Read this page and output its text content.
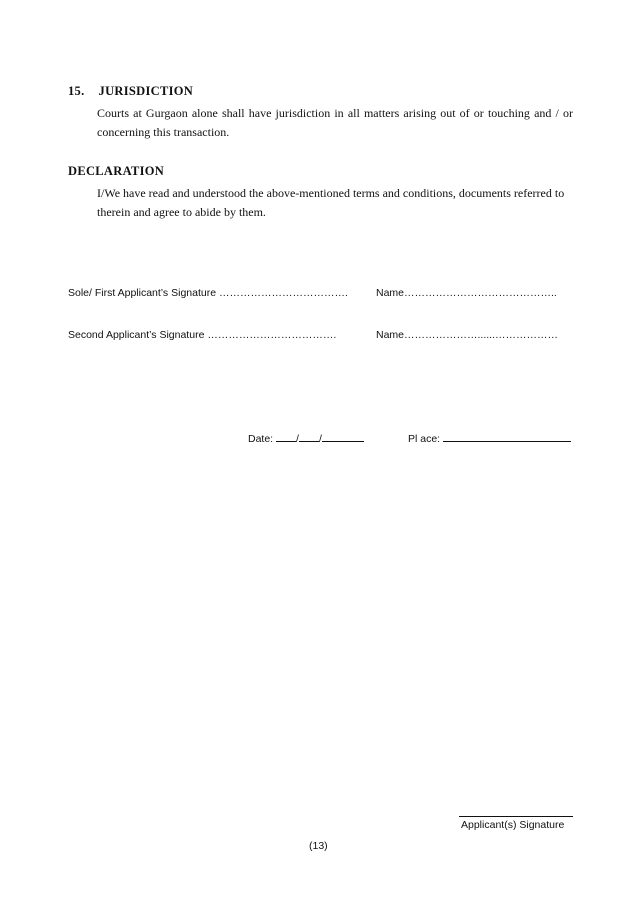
15. JURISDICTION
Courts at Gurgaon alone shall have jurisdiction in all matters arising out of or touching and / or concerning this transaction.
DECLARATION
I/We have read and understood the above-mentioned terms and conditions, documents referred to therein and agree to abide by them.
Sole/ First Applicant’s Signature ……………………………….	Name……………………………………..
Second Applicant’s Signature ……………………………….	Name…………………......………………
Date: / /	Pl ace:
Applicant(s) Signature
(13)
